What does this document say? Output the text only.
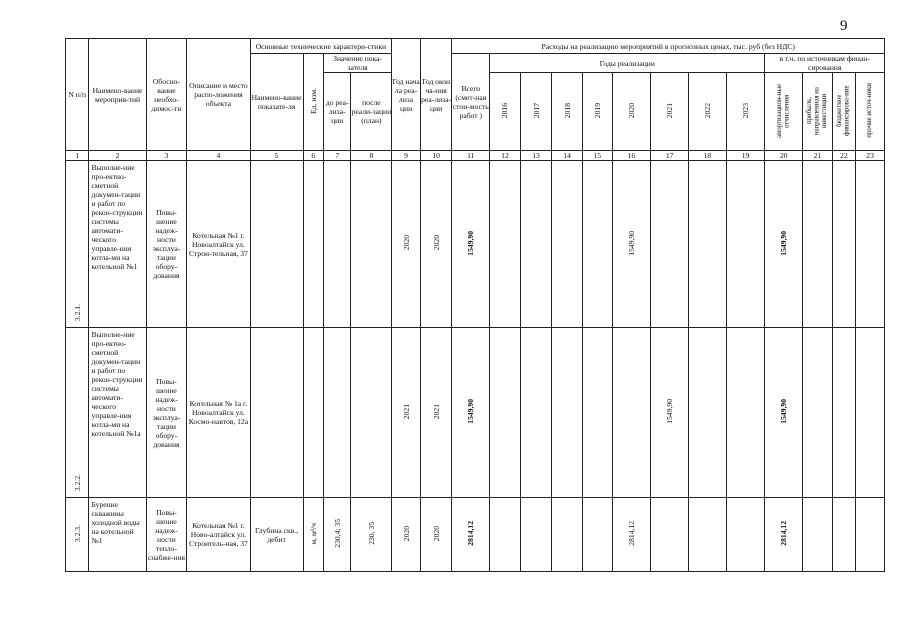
9
N п/п	Наимено-вание мероприя-тий	Обосно-вание необхо-димос-ти	Описание и место распо-ложения объекта	Основные технические характери-стики				Год нача ла реа-лиза ции	Год окон ча-ния реа-лиза-ции	Расходы на реализацию мероприятий в прогнозных ценах, тыс. руб (без НДС)												
				Наимено-вание показате-ля	Ед. изм.	Значение пока-зателя				Всего (смет-ная стои-мость работ )	Годы реализации								в т.ч. по источникам финан-сирования			
						до реа-лиза-ции	после реали-зации (план)				2016	2017	2018	2019	2020	2021	2022	2023	амортизацион-ные отчисления	прибыль, направленная на инвестиции	бюджетное финансирова-ние	прочие источ-ники
1	2	3	4	5	6	7	8	9	10	11	12	13	14	15	16	17	18	19	20	21	22	23
3.2.1.	Выполне-ние про-ектно-сметной докумен-тации и работ по рекон-струкции системы автомати-ческого управле-ния котла-ми на котельной №1	Повы-шение надеж-ности эксплуа-тации обору-дования	Котельная №1 г. Новоалтайск ул. Строи-тельная, 37					2020	2020	1549,90					1549,90				1549,90			
3.2.2.	Выполне-ние про-ектно-сметной докумен-тации и работ по рекон-струкции системы автомати-ческого управле-ния котла-ми на котельной №1а	Повы-шение надеж-ности эксплуа-тации обору-дования	Котельная № 1а г. Новоалтайск ул. Космо-навтов, 12а					2021	2021	1549,90						1549,90			1549,90			
3.2.3.	Бурение скважины холодной воды на котельной №1	Повы-шение надеж-ности тепло-снабже-ния	Котельная №1 г. Ново-алтайск ул. Строитель-ная, 37	Глубина скв., дебит	м, м³/ч	230,4; 35	230, 35	2020	2020	2814,12					2814,12				2814,12			
